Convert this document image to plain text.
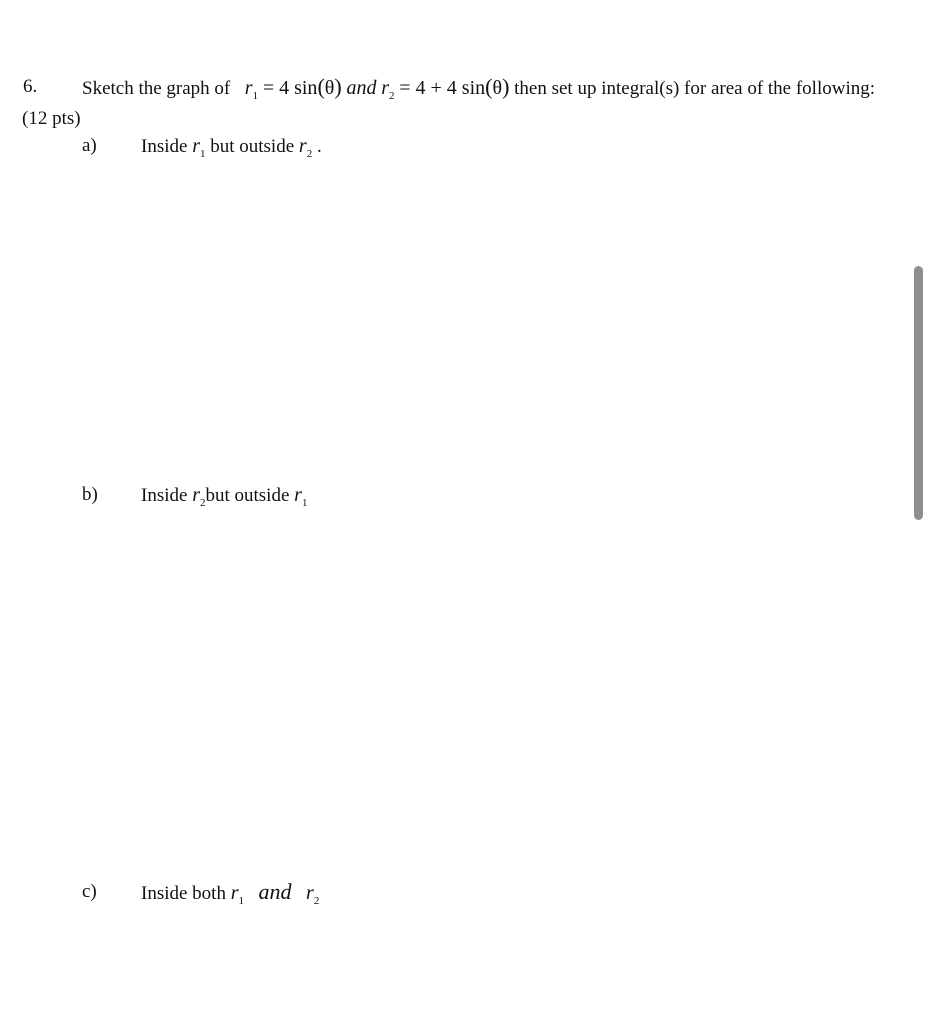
6.
(12 pts)
Sketch the graph of $r_1 = 4$ sin(θ) and $r_2 = 4 + 4$ sin(θ) then set up integral(s) for area of the following:
a) Inside $r_1$ but outside $r_2$ .
b) Inside $r_2but$ outside $r_1$
c) Inside both $r_1$ and $r_2$
